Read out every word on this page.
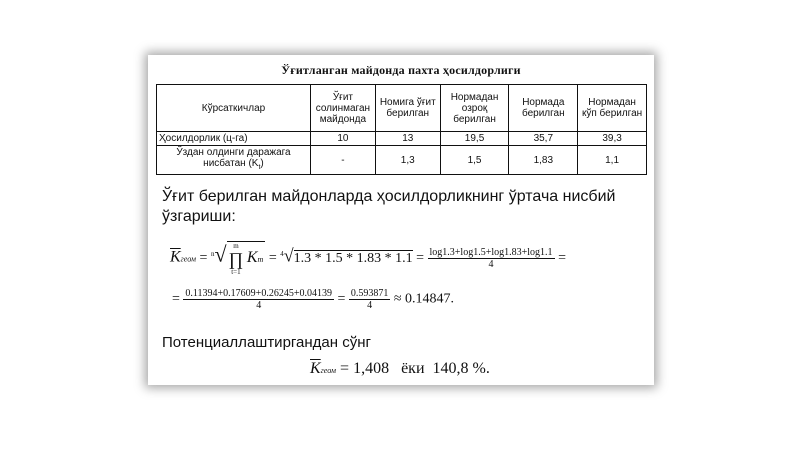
Ўғитланган майдонда пахта ҳосилдорлиги
Кўрсаткичлар	Ўғит солинмаган майдонда	Номига ўғит берилган	Нормадан озроқ берилган	Нормада берилган	Нормадан кўп берилган
Ҳосилдорлик (ц-га)	10	13	19,5	35,7	39,3
Ўздан олдинги даражага нисбатан $(K_t)$	-	1,3	1,5	1,83	1,1
Ўғит берилган майдонларда ҳосилдорликнинг ўртача нисбий ўзгариши:
$\overline{K}геом = ^n√$ m
∏
t=1
$Km = ^4√1.3 * 1.5 * 1.83 * 1.1 = \frac{\log 1.3+\log 1.5+\log 1.83+\log 1.1}{4}$ =
= $\frac{0.11394+0.17609+0.26245+0.04139}{4} = \frac{0.593871}{4} \approx 0.14847$.
Потенциаллаштиргандан сўнг
$\overline{K}геом = 1,408$   ёки  140,8 %.
